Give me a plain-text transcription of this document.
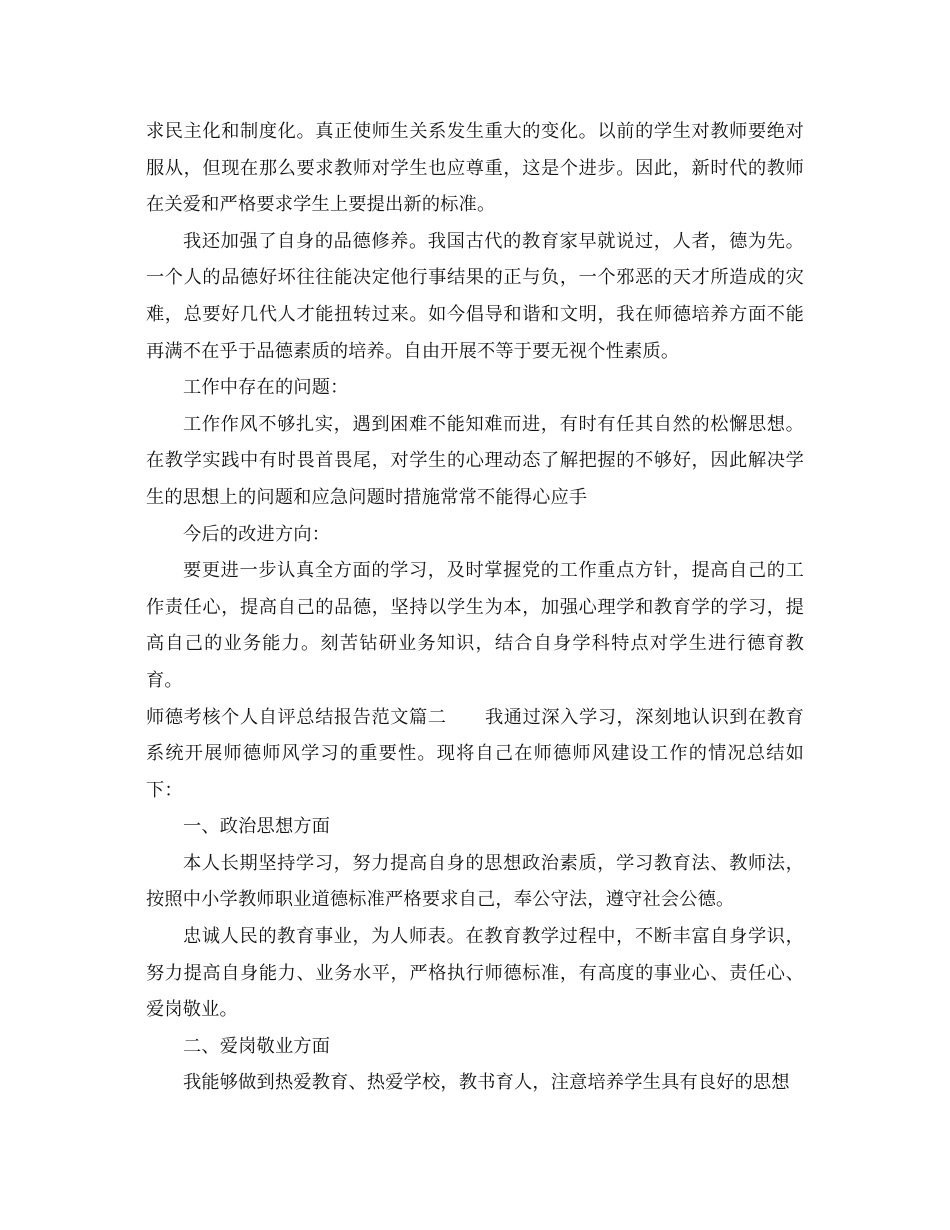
求民主化和制度化。真正使师生关系发生重大的变化。以前的学生对教师要绝对服从，但现在那么要求教师对学生也应尊重，这是个进步。因此，新时代的教师在关爱和严格要求学生上要提出新的标准。

我还加强了自身的品德修养。我国古代的教育家早就说过，人者，德为先。一个人的品德好坏往往能决定他行事结果的正与负，一个邪恶的天才所造成的灾难，总要好几代人才能扭转过来。如今倡导和谐和文明，我在师德培养方面不能再满不在乎于品德素质的培养。自由开展不等于要无视个性素质。

工作中存在的问题：

工作作风不够扎实，遇到困难不能知难而进，有时有任其自然的松懈思想。在教学实践中有时畏首畏尾，对学生的心理动态了解把握的不够好，因此解决学生的思想上的问题和应急问题时措施常常不能得心应手

今后的改进方向：

要更进一步认真全方面的学习，及时掌握党的工作重点方针，提高自己的工作责任心，提高自己的品德，坚持以学生为本，加强心理学和教育学的学习，提高自己的业务能力。刻苦钻研业务知识，结合自身学科特点对学生进行德育教育。

师德考核个人自评总结报告范文篇二 我通过深入学习，深刻地认识到在教育系统开展师德师风学习的重要性。现将自己在师德师风建设工作的情况总结如下：

一、政治思想方面

本人长期坚持学习，努力提高自身的思想政治素质，学习教育法、教师法，按照中小学教师职业道德标准严格要求自己，奉公守法，遵守社会公德。

忠诚人民的教育事业，为人师表。在教育教学过程中，不断丰富自身学识，努力提高自身能力、业务水平，严格执行师德标准，有高度的事业心、责任心、爱岗敬业。

二、爱岗敬业方面

我能够做到热爱教育、热爱学校，教书育人，注意培养学生具有良好的思想
